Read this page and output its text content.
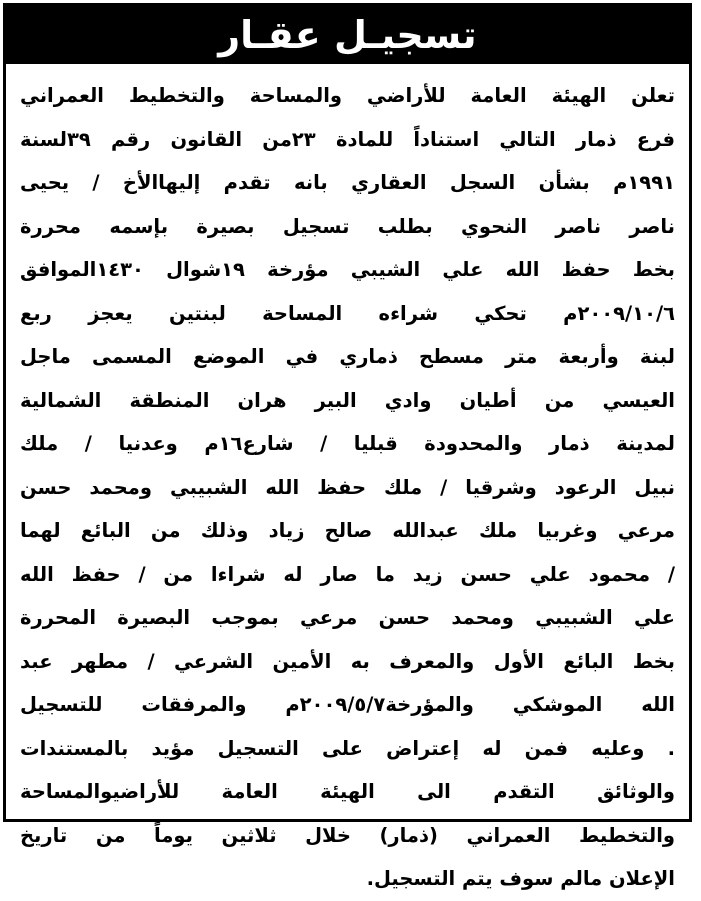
تسجيـل عقـار
تعلن الهيئة العامة للأراضي والمساحة والتخطيط العمراني
فرع ذمار التالي استناداً للمادة ٢٣من القانون رقم ٣٩لسنة
١٩٩١م بشأن السجل العقاري بانه تقدم إليهاالأخ / يحيى
ناصر ناصر النحوي بطلب تسجيل بصيرة بإسمه محررة
بخط حفظ الله علي الشيبي مؤرخة ١٩شوال ١٤٣٠الموافق
٢٠٠٩/١٠/٦م تحكي شراءه المساحة لبنتين يعجز ربع
لبنة وأربعة متر مسطح ذماري في الموضع المسمى ماجل
العيسي من أطيان وادي البير هران المنطقة الشمالية
لمدينة ذمار والمحدودة قبليا / شارع١٦م وعدنيا / ملك
نبيل الرعود وشرقيا / ملك حفظ الله الشبيبي ومحمد حسن
مرعي وغربيا ملك عبدالله صالح زياد وذلك من البائع لهما
/ محمود علي حسن زيد ما صار له شراءا من / حفظ الله
علي الشبيبي ومحمد حسن مرعي بموجب البصيرة المحررة
بخط البائع الأول والمعرف به الأمين الشرعي / مطهر عبد
الله الموشكي والمؤرخة٢٠٠٩/٥/٧م والمرفقات للتسجيل
. وعليه فمن له إعتراض على التسجيل مؤيد بالمستندات
والوثائق التقدم الى الهيئة العامة للأراضيوالمساحة
والتخطيط العمراني (ذمار) خلال ثلاثين يوماً من تاريخ
الإعلان مالم سوف يتم التسجيل.
